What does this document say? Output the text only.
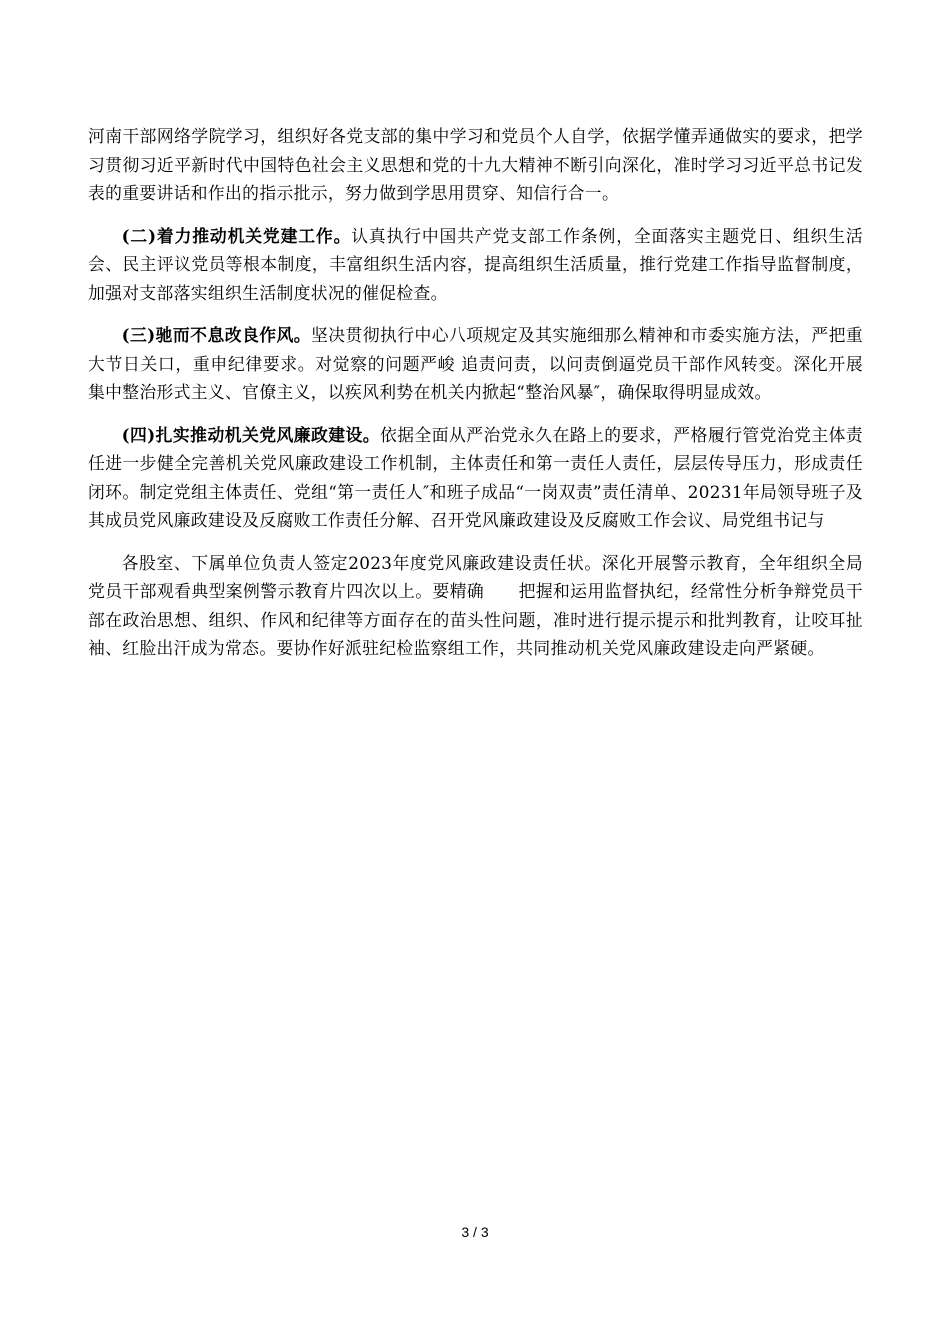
河南干部网络学院学习，组织好各党支部的集中学习和党员个人自学，依据学懂弄通做实的要求，把学习贯彻习近平新时代中国特色社会主义思想和党的十九大精神不断引向深化，准时学习习近平总书记发表的重要讲话和作出的指示批示，努力做到学思用贯穿、知信行合一。

(二)着力推动机关党建工作。认真执行中国共产党支部工作条例，全面落实主题党日、组织生活会、民主评议党员等根本制度，丰富组织生活内容，提高组织生活质量，推行党建工作指导监督制度，加强对支部落实组织生活制度状况的催促检查。

(三)驰而不息改良作风。坚决贯彻执行中心八项规定及其实施细那么精神和市委实施方法，严把重大节日关口，重申纪律要求。对觉察的问题严峻 追责问责，以问责倒逼党员干部作风转变。深化开展集中整治形式主义、官僚主义，以疾风利势在机关内掀起“整治风暴″，确保取得明显成效。

(四)扎实推动机关党风廉政建设。依据全面从严治党永久在路上的要求，严格履行管党治党主体责任进一步健全完善机关党风廉政建设工作机制，主体责任和第一责任人责任，层层传导压力，形成责任闭环。制定党组主体责任、党组“第一责任人″和班子成品“一岗双责”责任清单、20231年局领导班子及其成员党风廉政建设及反腐败工作责任分解、召开党风廉政建设及反腐败工作会议、局党组书记与

各股室、下属单位负责人签定2023年度党风廉政建设责任状。深化开展警示教育，全年组织全局党员干部观看典型案例警示教育片四次以上。要精确　　把握和运用监督执纪，经常性分析争辩党员干部在政治思想、组织、作风和纪律等方面存在的苗头性问题，准时进行提示提示和批判教育，让咬耳扯袖、红脸出汗成为常态。要协作好派驻纪检监察组工作，共同推动机关党风廉政建设走向严紧硬。

3 / 3
